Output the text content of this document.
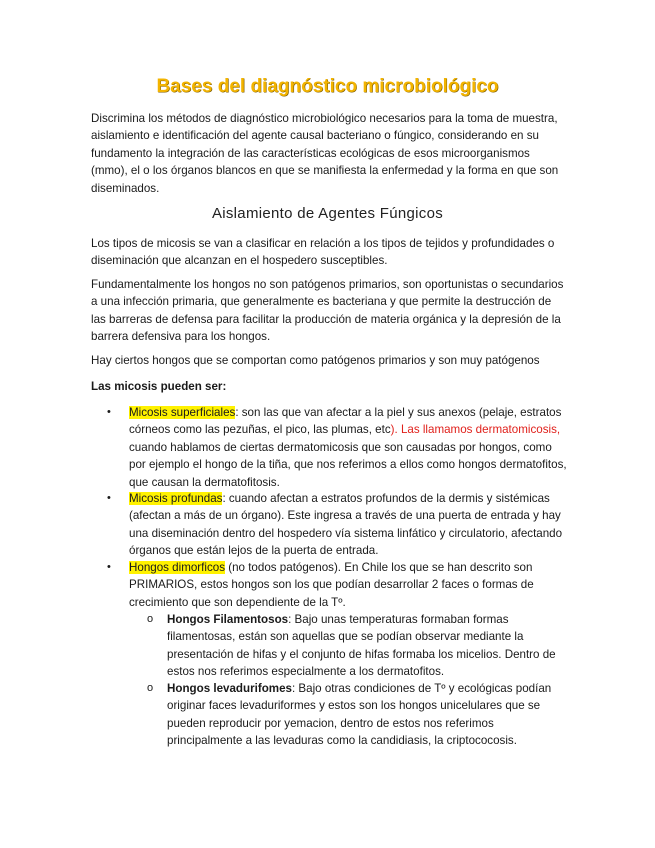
Bases del diagnóstico microbiológico

Discrimina los métodos de diagnóstico microbiológico necesarios para la toma de muestra, aislamiento e identificación del agente causal bacteriano o fúngico, considerando en su fundamento la integración de las características ecológicas de esos microorganismos (mmo), el o los órganos blancos en que se manifiesta la enfermedad y la forma en que son diseminados.

Aislamiento de Agentes Fúngicos

Los tipos de micosis se van a clasificar en relación a los tipos de tejidos y profundidades o diseminación que alcanzan en el hospedero susceptibles.

Fundamentalmente los hongos no son patógenos primarios, son oportunistas o secundarios a una infección primaria, que generalmente es bacteriana y que permite la destrucción de las barreras de defensa para facilitar la producción de materia orgánica y la depresión de la barrera defensiva para los hongos.

Hay ciertos hongos que se comportan como patógenos primarios y son muy patógenos

Las micosis pueden ser:

• Micosis superficiales: son las que van afectar a la piel y sus anexos (pelaje, estratos córneos como las pezuñas, el pico, las plumas, etc). Las llamamos dermatomicosis, cuando hablamos de ciertas dermatomicosis que son causadas por hongos, como por ejemplo el hongo de la tiña, que nos referimos a ellos como hongos dermatofitos, que causan la dermatofitosis.
• Micosis profundas: cuando afectan a estratos profundos de la dermis y sistémicas (afectan a más de un órgano). Este ingresa a través de una puerta de entrada y hay una diseminación dentro del hospedero vía sistema linfático y circulatorio, afectando órganos que están lejos de la puerta de entrada.
• Hongos dimorficos (no todos patógenos). En Chile los que se han descrito son PRIMARIOS, estos hongos son los que podían desarrollar 2 faces o formas de crecimiento que son dependiente de la Tº.
o Hongos Filamentosos: Bajo unas temperaturas formaban formas filamentosas, están son aquellas que se podían observar mediante la presentación de hifas y el conjunto de hifas formaba los micelios. Dentro de estos nos referimos especialmente a los dermatofitos.
o Hongos levadurifomes: Bajo otras condiciones de Tº y ecológicas podían originar faces levaduriformes y estos son los hongos unicelulares que se pueden reproducir por yemacion, dentro de estos nos referimos principalmente a las levaduras como la candidiasis, la criptococosis.
